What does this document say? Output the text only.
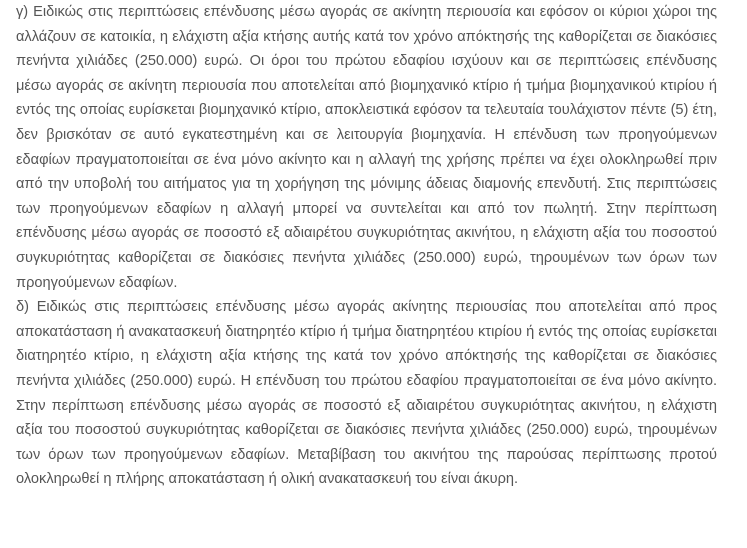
γ) Ειδικώς στις περιπτώσεις επένδυσης μέσω αγοράς σε ακίνητη περιουσία και εφόσον οι κύριοι χώροι της αλλάζουν σε κατοικία, η ελάχιστη αξία κτήσης αυτής κατά τον χρόνο απόκτησής της καθορίζεται σε διακόσιες πενήντα χιλιάδες (250.000) ευρώ. Οι όροι του πρώτου εδαφίου ισχύουν και σε περιπτώσεις επένδυσης μέσω αγοράς σε ακίνητη περιουσία που αποτελείται από βιομηχανικό κτίριο ή τμήμα βιομηχανικού κτιρίου ή εντός της οποίας ευρίσκεται βιομηχανικό κτίριο, αποκλειστικά εφόσον τα τελευταία τουλάχιστον πέντε (5) έτη, δεν βρισκόταν σε αυτό εγκατεστημένη και σε λειτουργία βιομηχανία. Η επένδυση των προηγούμενων εδαφίων πραγματοποιείται σε ένα μόνο ακίνητο και η αλλαγή της χρήσης πρέπει να έχει ολοκληρωθεί πριν από την υποβολή του αιτήματος για τη χορήγηση της μόνιμης άδειας διαμονής επενδυτή. Στις περιπτώσεις των προηγούμενων εδαφίων η αλλαγή μπορεί να συντελείται και από τον πωλητή. Στην περίπτωση επένδυσης μέσω αγοράς σε ποσοστό εξ αδιαιρέτου συγκυριότητας ακινήτου, η ελάχιστη αξία του ποσοστού συγκυριότητας καθορίζεται σε διακόσιες πενήντα χιλιάδες (250.000) ευρώ, τηρουμένων των όρων των προηγούμενων εδαφίων.

δ) Ειδικώς στις περιπτώσεις επένδυσης μέσω αγοράς ακίνητης περιουσίας που αποτελείται από προς αποκατάσταση ή ανακατασκευή διατηρητέο κτίριο ή τμήμα διατηρητέου κτιρίου ή εντός της οποίας ευρίσκεται διατηρητέο κτίριο, η ελάχιστη αξία κτήσης της κατά τον χρόνο απόκτησής της καθορίζεται σε διακόσιες πενήντα χιλιάδες (250.000) ευρώ. Η επένδυση του πρώτου εδαφίου πραγματοποιείται σε ένα μόνο ακίνητο. Στην περίπτωση επένδυσης μέσω αγοράς σε ποσοστό εξ αδιαιρέτου συγκυριότητας ακινήτου, η ελάχιστη αξία του ποσοστού συγκυριότητας καθορίζεται σε διακόσιες πενήντα χιλιάδες (250.000) ευρώ, τηρουμένων των όρων των προηγούμενων εδαφίων. Μεταβίβαση του ακινήτου της παρούσας περίπτωσης προτού ολοκληρωθεί η πλήρης αποκατάσταση ή ολική ανακατασκευή του είναι άκυρη.
